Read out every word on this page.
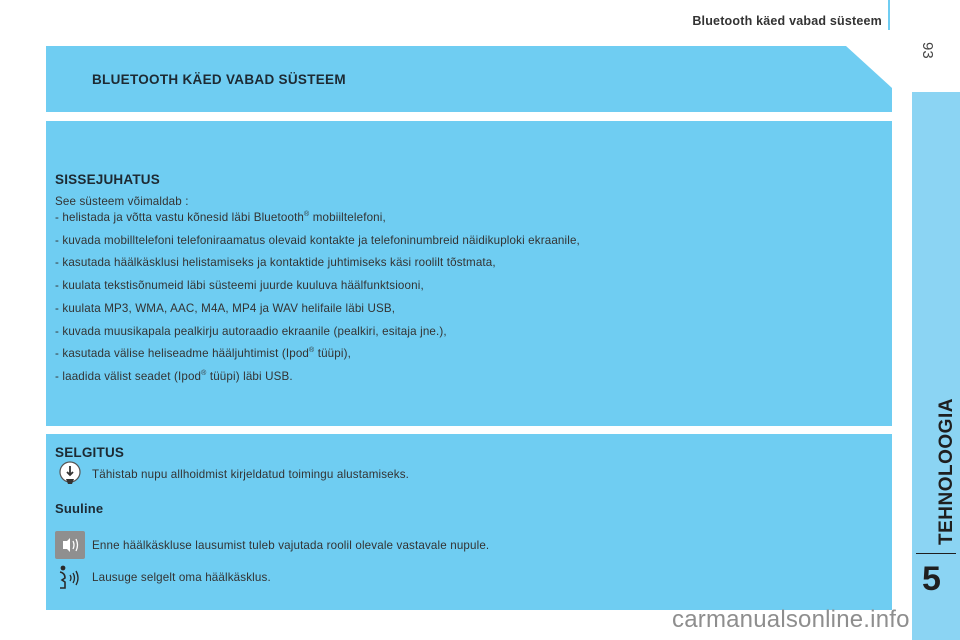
Bluetooth käed vabad süsteem
93
TEHNOLOOGIA
5
BLUETOOTH KÄED VABAD SÜSTEEM
SISSEJUHATUS
See süsteem võimaldab :
- helistada ja võtta vastu kõnesid läbi Bluetooth® mobiiltelefoni,
- kuvada mobilltelefoni telefoniraamatus olevaid kontakte ja telefoninumbreid näidikuploki ekraanile,
- kasutada häälkäsklusi helistamiseks ja kontaktide juhtimiseks käsi roolilt tõstmata,
- kuulata tekstisõnumeid läbi süsteemi juurde kuuluva häälfunktsiooni,
- kuulata MP3, WMA, AAC, M4A, MP4 ja WAV helifaile läbi USB,
- kuvada muusikapala pealkirju autoraadio ekraanile (pealkiri, esitaja jne.),
- kasutada välise heliseadme hääljuhtimist (Ipod® tüüpi),
- laadida välist seadet (Ipod® tüüpi) läbi USB.
SELGITUS
Tähistab nupu allhoidmist kirjeldatud toimingu alustamiseks.
Suuline
Enne häälkäskluse lausumist tuleb vajutada roolil olevale vastavale nupule.
Lausuge selgelt oma häälkäsklus.
carmanualsonline.info
